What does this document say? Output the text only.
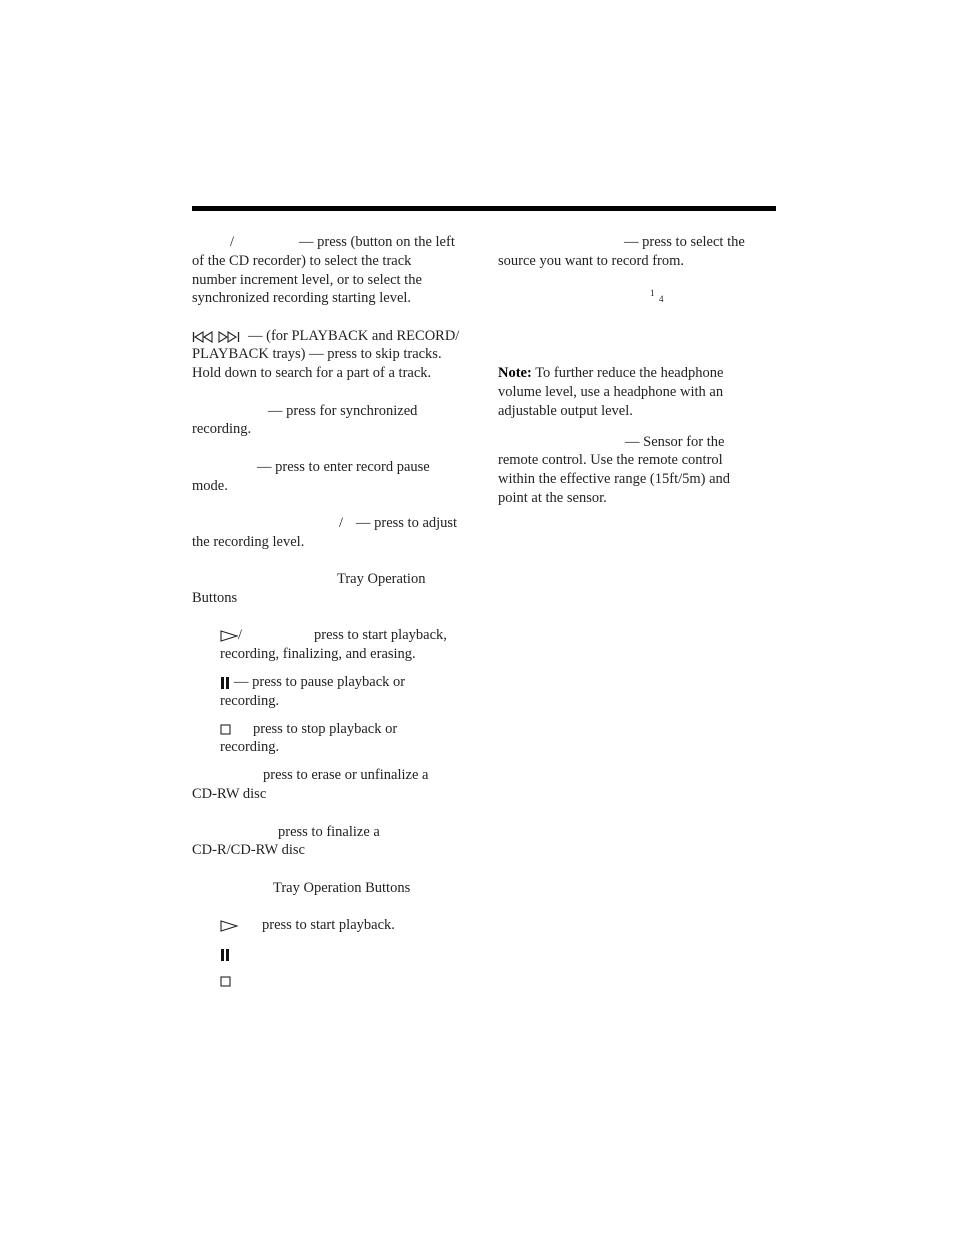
/	— press (button on the left
of the CD recorder) to select the track
number increment level, or to select the
synchronized recording starting level.

— (for PLAYBACK and RECORD/
PLAYBACK trays) — press to skip tracks.
Hold down to search for a part of a track.
— press for synchronized
recording.
— press to enter record pause
mode.
/ — press to adjust
the recording level.
Tray Operation
Buttons
/	press to start playback,
recording, finalizing, and erasing.
— press to pause playback or
recording.
press to stop playback or
recording.
press to erase or unfinalize a
CD-RW disc
press to finalize a
CD-R/CD-RW disc
Tray Operation Buttons
press to start playback.
— press to select the
source you want to record from.
1
4
Note: To further reduce the headphone
volume level, use a headphone with an
adjustable output level.
— Sensor for the
remote control. Use the remote control
within the effective range (15ft/5m) and
point at the sensor.
